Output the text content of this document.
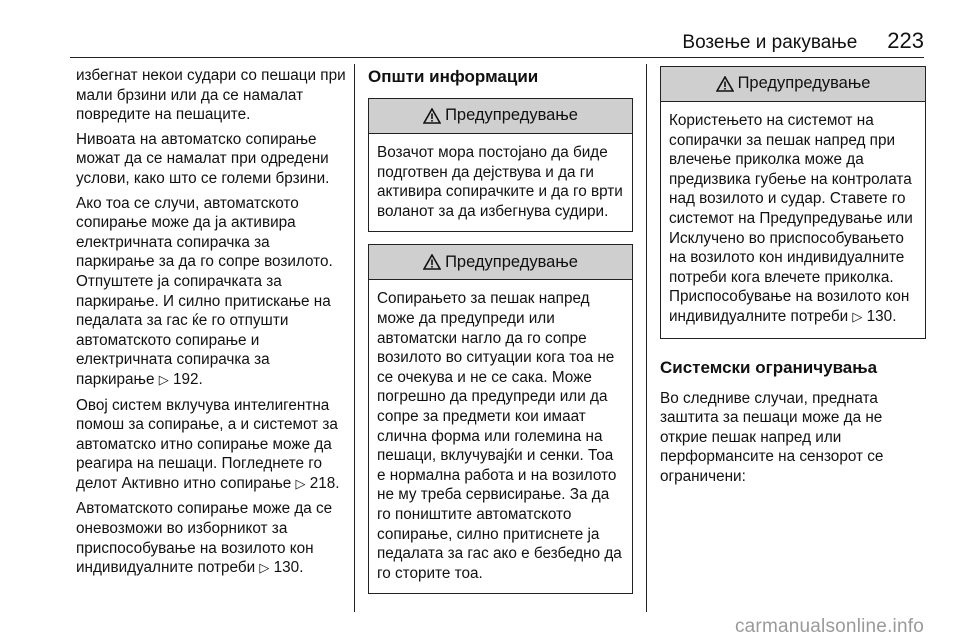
Возење и ракување 223

избегнат некои судари со пешаци при мали брзини или да се намалат повредите на пешаците.

Нивоата на автоматско сопирање можат да се намалат при одредени услови, како што се големи брзини.

Ако тоа се случи, автоматското сопирање може да ја активира електричната сопирачка за паркирање за да го сопре возилото. Отпуштете ја сопирачката за паркирање. И силно притискање на педалата за гас ќе го отпушти автоматското сопирање и електричната сопирачка за паркирање ▷ 192.

Овој систем вклучува интелигентна помош за сопирање, а и системот за автоматско итно сопирање може да реагира на пешаци. Погледнете го делот Активно итно сопирање ▷ 218.

Автоматското сопирање може да се оневозможи во изборникот за приспособување на возилото кон индивидуалните потреби ▷ 130.

Општи информации
Предупредување
Возачот мора постојано да биде подготвен да дејствува и да ги активира сопирачките и да го врти воланот за да избегнува судири.
Предупредување
Сопирањето за пешак напред може да предупреди или автоматски нагло да го сопре возилото во ситуации кога тоа не се очекува и не се сака. Може погрешно да предупреди или да сопре за предмети кои имаат слична форма или големина на пешаци, вклучувајќи и сенки. Тоа е нормална работа и на возилото не му треба сервисирање. За да го поништите автоматското сопирање, силно притиснете ја педалата за гас ако е безбедно да го сторите тоа.
Предупредување
Користењето на системот на сопирачки за пешак напред при влечење приколка може да предизвика губење на контролата над возилото и судар. Ставете го системот на Предупредување или Исклучено во приспособувањето на возилото кон индивидуалните потреби кога влечете приколка. Приспособување на возилото кон индивидуалните потреби ▷ 130.
Системски ограничувања

Во следниве случаи, предната заштита за пешаци може да не открие пешак напред или перформансите на сензорот се ограничени:

carmanualsonline.info
